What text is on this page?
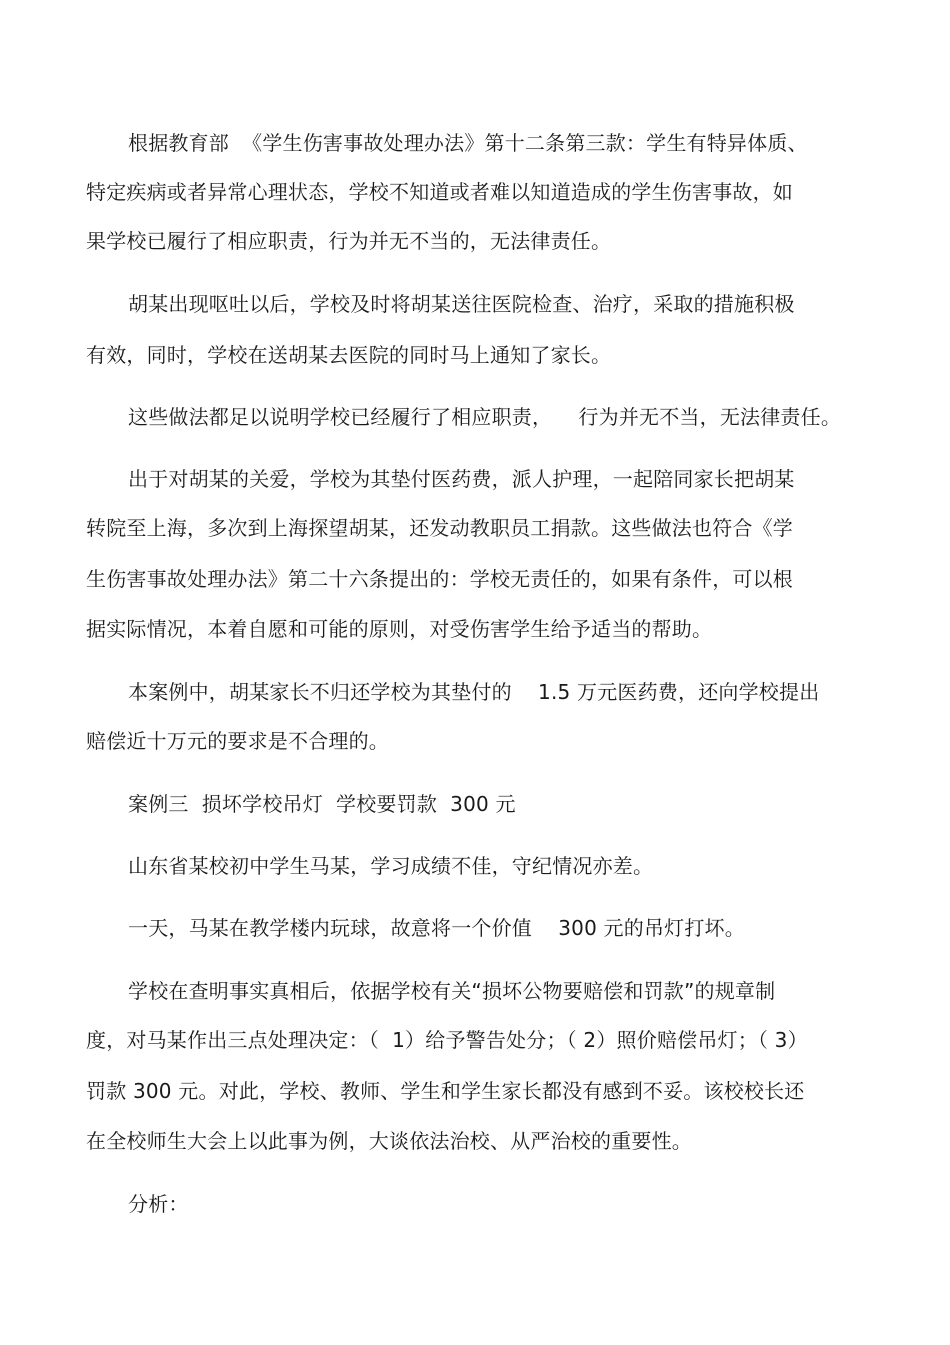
根据教育部  《学生伤害事故处理办法》第十二条第三款：学生有特异体质、
特定疾病或者异常心理状态，学校不知道或者难以知道造成的学生伤害事故，如
果学校已履行了相应职责，行为并无不当的，无法律责任。
胡某出现呕吐以后，学校及时将胡某送往医院检查、治疗，采取的措施积极
有效，同时，学校在送胡某去医院的同时马上通知了家长。
这些做法都足以说明学校已经履行了相应职责，    行为并无不当，无法律责任。
出于对胡某的关爱，学校为其垫付医药费，派人护理，一起陪同家长把胡某
转院至上海，多次到上海探望胡某，还发动教职员工捐款。这些做法也符合《学
生伤害事故处理办法》第二十六条提出的：学校无责任的，如果有条件，可以根
据实际情况，本着自愿和可能的原则，对受伤害学生给予适当的帮助。
本案例中，胡某家长不归还学校为其垫付的    1.5 万元医药费，还向学校提出
赔偿近十万元的要求是不合理的。
案例三  损坏学校吊灯  学校要罚款  300 元
山东省某校初中学生马某，学习成绩不佳，守纪情况亦差。
一天，马某在教学楼内玩球，故意将一个价值    300 元的吊灯打坏。
学校在查明事实真相后，依据学校有关“损坏公物要赔偿和罚款”的规章制
度，对马某作出三点处理决定：（  1）给予警告处分；（ 2）照价赔偿吊灯；（ 3）
罚款 300 元。对此，学校、教师、学生和学生家长都没有感到不妥。该校校长还
在全校师生大会上以此事为例，大谈依法治校、从严治校的重要性。
分析：
